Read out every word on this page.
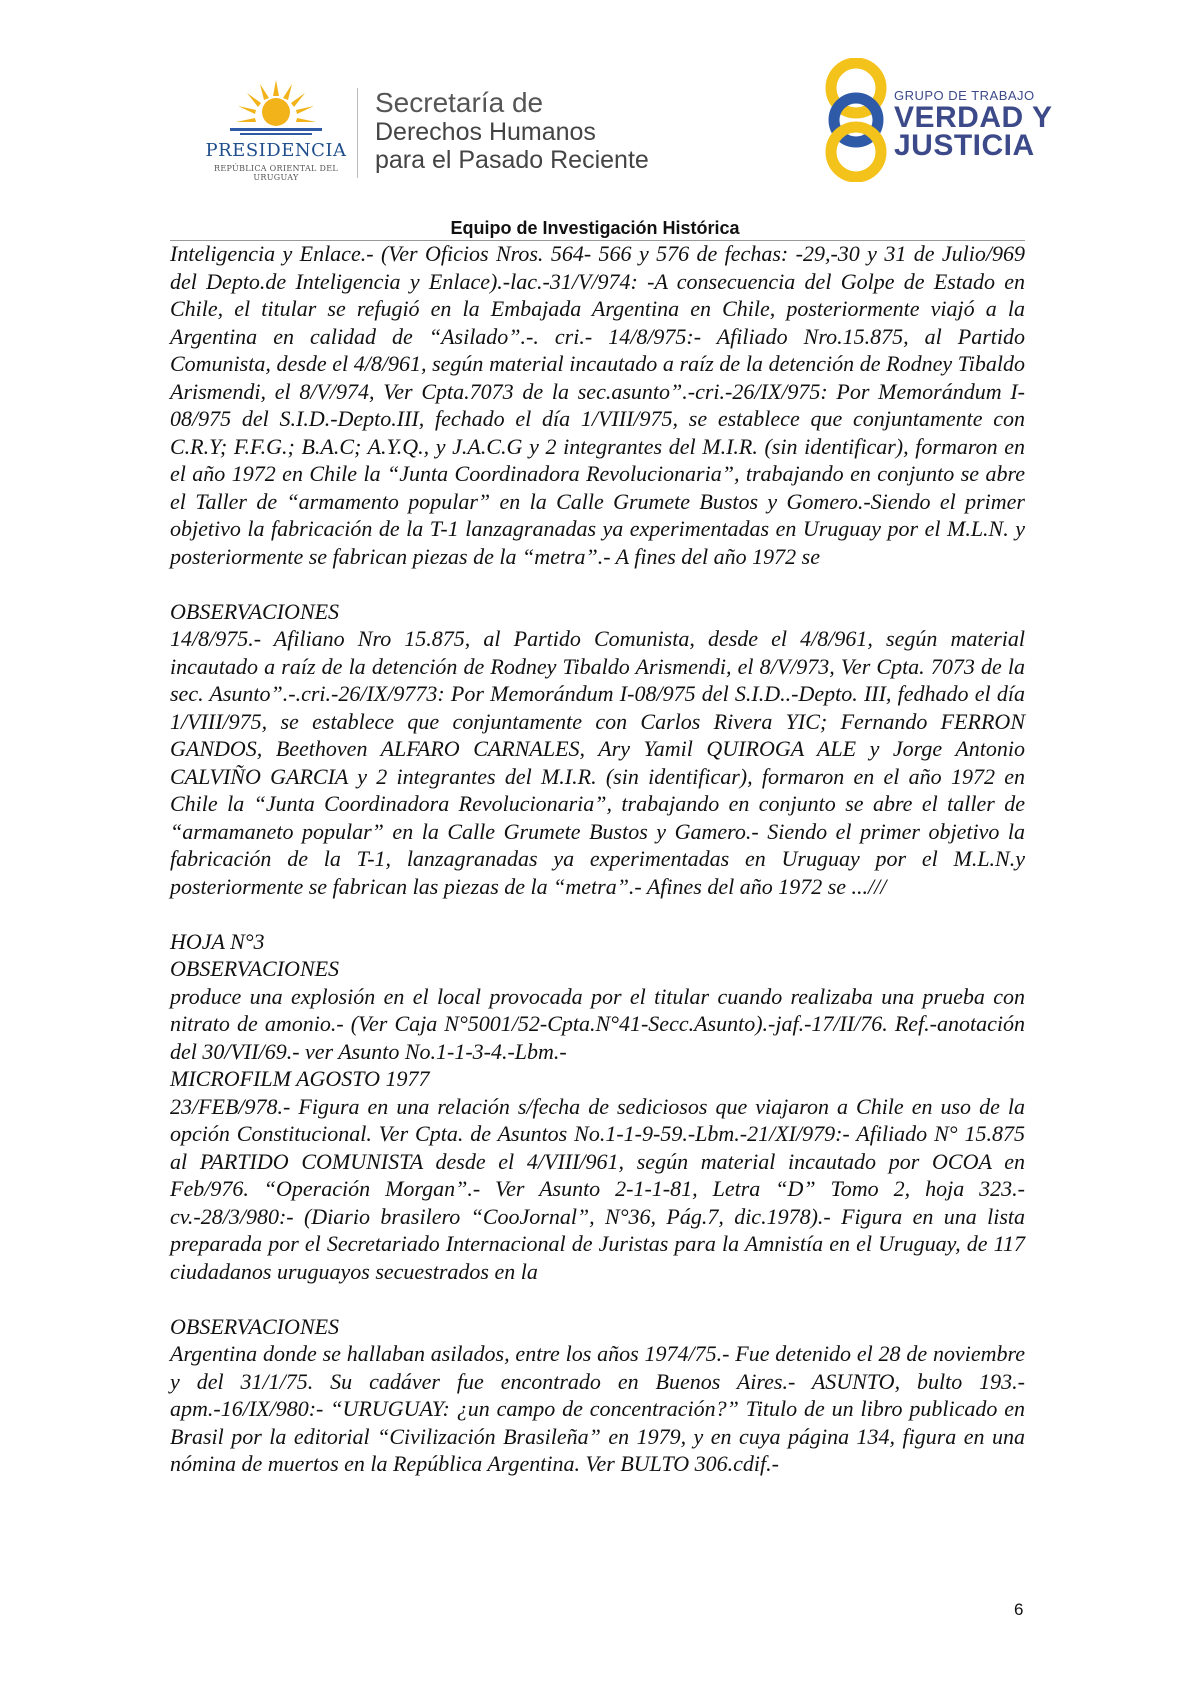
PRESIDENCIA
REPÚBLICA ORIENTAL DEL URUGUAY
Secretaría de
Derechos Humanos
para el Pasado Reciente
GRUPO DE TRABAJO
VERDAD Y
JUSTICIA
Equipo de Investigación Histórica

Inteligencia y Enlace.- (Ver Oficios Nros. 564- 566 y 576 de fechas: -29,-30 y 31 de Julio/969 del Depto.de Inteligencia y Enlace).-lac.-31/V/974: -A consecuencia del Golpe de Estado en Chile, el titular se refugió en la Embajada Argentina en Chile, posteriormente viajó a la Argentina en calidad de “Asilado”.-. cri.- 14/8/975:- Afiliado Nro.15.875, al Partido Comunista, desde el 4/8/961, según material incautado a raíz de la detención de Rodney Tibaldo Arismendi, el 8/V/974, Ver Cpta.7073 de la sec.asunto”.-cri.-26/IX/975: Por Memorándum I- 08/975 del S.I.D.-Depto.III, fechado el día 1/VIII/975, se establece que conjuntamente con C.R.Y; F.F.G.; B.A.C; A.Y.Q., y J.A.C.G y 2 integrantes del M.I.R. (sin identificar), formaron en el año 1972 en Chile la “Junta Coordinadora Revolucionaria”, trabajando en conjunto se abre el Taller de “armamento popular” en la Calle Grumete Bustos y Gomero.-Siendo el primer objetivo la fabricación de la T-1 lanzagranadas ya experimentadas en Uruguay por el M.L.N. y posteriormente se fabrican piezas de la “metra”.- A fines del año 1972 se

OBSERVACIONES

14/8/975.- Afiliano Nro 15.875, al Partido Comunista, desde el 4/8/961, según material incautado a raíz de la detención de Rodney Tibaldo Arismendi, el 8/V/973, Ver Cpta. 7073 de la sec. Asunto”.-.cri.-26/IX/9773: Por Memorándum I-08/975 del S.I.D..-Depto. III, fedhado el día 1/VIII/975, se establece que conjuntamente con Carlos Rivera YIC; Fernando FERRON GANDOS, Beethoven ALFARO CARNALES, Ary Yamil QUIROGA ALE y Jorge Antonio CALVIÑO GARCIA y 2 integrantes del M.I.R. (sin identificar), formaron en el año 1972 en Chile la “Junta Coordinadora Revolucionaria”, trabajando en conjunto se abre el taller de “armamaneto popular” en la Calle Grumete Bustos y Gamero.- Siendo el primer objetivo la fabricación de la T-1, lanzagranadas ya experimentadas en Uruguay por el M.L.N.y posteriormente se fabrican las piezas de la “metra”.- Afines del año 1972 se ...///

HOJA N°3

OBSERVACIONES

produce una explosión en el local provocada por el titular cuando realizaba una prueba con nitrato de amonio.- (Ver Caja N°5001/52-Cpta.N°41-Secc.Asunto).-jaf.-17/II/76. Ref.-anotación del 30/VII/69.- ver Asunto No.1-1-3-4.-Lbm.-

MICROFILM AGOSTO 1977

23/FEB/978.- Figura en una relación s/fecha de sediciosos que viajaron a Chile en uso de la opción Constitucional. Ver Cpta. de Asuntos No.1-1-9-59.-Lbm.-21/XI/979:- Afiliado N° 15.875 al PARTIDO COMUNISTA desde el 4/VIII/961, según material incautado por OCOA en Feb/976. “Operación Morgan”.- Ver Asunto 2-1-1-81, Letra “D” Tomo 2, hoja 323.-cv.-28/3/980:- (Diario brasilero “CooJornal”, N°36, Pág.7, dic.1978).- Figura en una lista preparada por el Secretariado Internacional de Juristas para la Amnistía en el Uruguay, de 117 ciudadanos uruguayos secuestrados en la

OBSERVACIONES

Argentina donde se hallaban asilados, entre los años 1974/75.- Fue detenido el 28 de noviembre y del 31/1/75. Su cadáver fue encontrado en Buenos Aires.- ASUNTO, bulto 193.-apm.-16/IX/980:- “URUGUAY: ¿un campo de concentración?” Titulo de un libro publicado en Brasil por la editorial “Civilización Brasileña” en 1979, y en cuya página 134, figura en una nómina de muertos en la República Argentina. Ver BULTO 306.cdif.-

6
